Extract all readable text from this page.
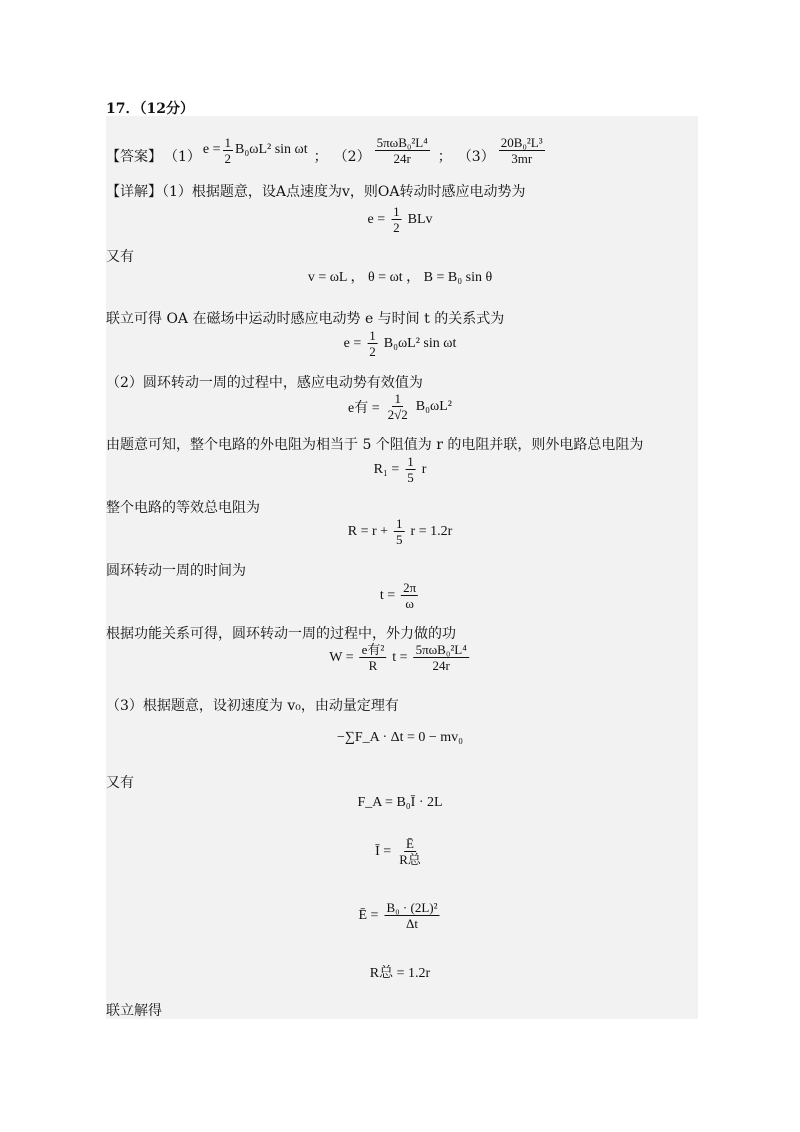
17．（12分）
【答案】 （1） $e = \frac{1}{2} B_0\omega L^2$ sin ωt ； $(2) \frac{\text{5πωB₀²L⁴}}{24r}$ ； $(3) \frac{\text{20B₀²L³}}{3mr}$
【详解】（1）根据题意，设A点速度为v，则OA转动时感应电动势为
$e = \frac{1}{2}$ BLv
又有
v = ωL ， θ = ωt ， B = B₀ sin θ
联立可得 OA 在磁场中运动时感应电动势 e 与时间 t 的关系式为
$e = \frac{1}{2} B_0\omega L^2$ sin ωt
（2）圆环转动一周的过程中，感应电动势有效值为
e有 = $\frac{1}{2√2} B_0\omega L^2$
由题意可知，整个电路的外电阻为相当于 5 个阻值为 r 的电阻并联，则外电路总电阻为
$R_1 = \frac{1}{5}$ r
整个电路的等效总电阻为
$R = r + \frac{1}{5}$ r = 1.2r
圆环转动一周的时间为
$t = \frac{2\pi}{\omega}$
根据功能关系可得，圆环转动一周的过程中，外力做的功
$W = \frac{\text{e有²}}{R}$ $t = \frac{\text{5πωB₀²L⁴}}{24r}$
（3）根据题意，设初速度为 v₀，由动量定理有
−∑F_A · Δt = 0 − mv₀
又有
F_A = B₀Ī · 2L
Ī = $\frac{Ē}{\text{R总}}$
Ē = $\frac{\text{B₀ · (2L)²}}{\Delta t}$
R总 = 1.2r
联立解得
